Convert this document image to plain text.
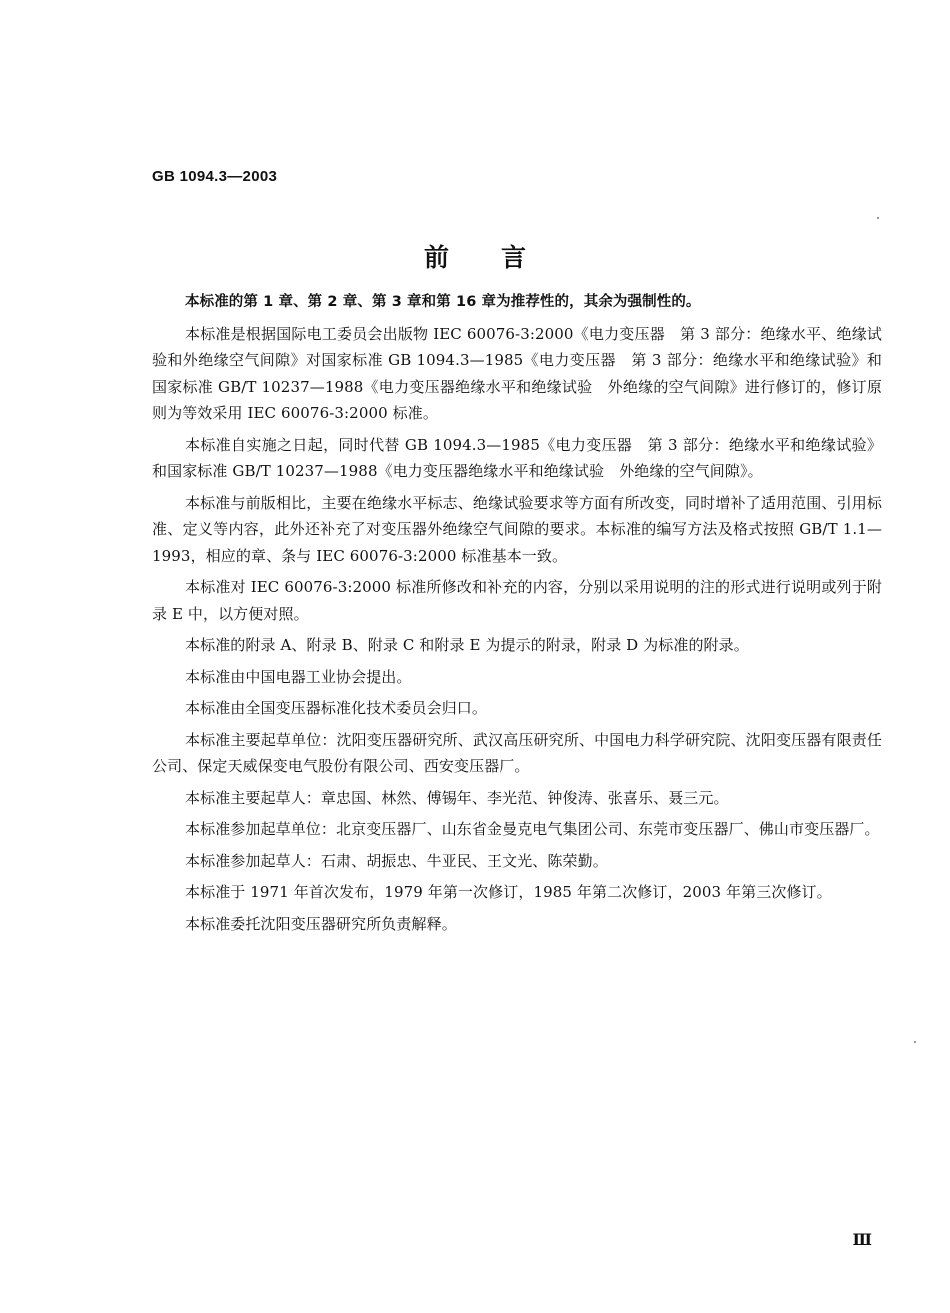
GB 1094.3—2003
前 言

本标准的第 1 章、第 2 章、第 3 章和第 16 章为推荐性的，其余为强制性的。

本标准是根据国际电工委员会出版物 IEC 60076-3:2000《电力变压器　第 3 部分：绝缘水平、绝缘试验和外绝缘空气间隙》对国家标准 GB 1094.3—1985《电力变压器　第 3 部分：绝缘水平和绝缘试验》和国家标准 GB/T 10237—1988《电力变压器绝缘水平和绝缘试验　外绝缘的空气间隙》进行修订的，修订原则为等效采用 IEC 60076-3:2000 标准。

本标准自实施之日起，同时代替 GB 1094.3—1985《电力变压器　第 3 部分：绝缘水平和绝缘试验》和国家标准 GB/T 10237—1988《电力变压器绝缘水平和绝缘试验　外绝缘的空气间隙》。

本标准与前版相比，主要在绝缘水平标志、绝缘试验要求等方面有所改变，同时增补了适用范围、引用标准、定义等内容，此外还补充了对变压器外绝缘空气间隙的要求。本标准的编写方法及格式按照 GB/T 1.1—1993，相应的章、条与 IEC 60076-3:2000 标准基本一致。

本标准对 IEC 60076-3:2000 标准所修改和补充的内容，分别以采用说明的注的形式进行说明或列于附录 E 中，以方便对照。

本标准的附录 A、附录 B、附录 C 和附录 E 为提示的附录，附录 D 为标准的附录。

本标准由中国电器工业协会提出。

本标准由全国变压器标准化技术委员会归口。

本标准主要起草单位：沈阳变压器研究所、武汉高压研究所、中国电力科学研究院、沈阳变压器有限责任公司、保定天威保变电气股份有限公司、西安变压器厂。

本标准主要起草人：章忠国、林然、傅锡年、李光范、钟俊涛、张喜乐、聂三元。

本标准参加起草单位：北京变压器厂、山东省金曼克电气集团公司、东莞市变压器厂、佛山市变压器厂。

本标准参加起草人：石肃、胡振忠、牛亚民、王文光、陈荣勤。

本标准于 1971 年首次发布，1979 年第一次修订，1985 年第二次修订，2003 年第三次修订。

本标准委托沈阳变压器研究所负责解释。

Ⅲ
